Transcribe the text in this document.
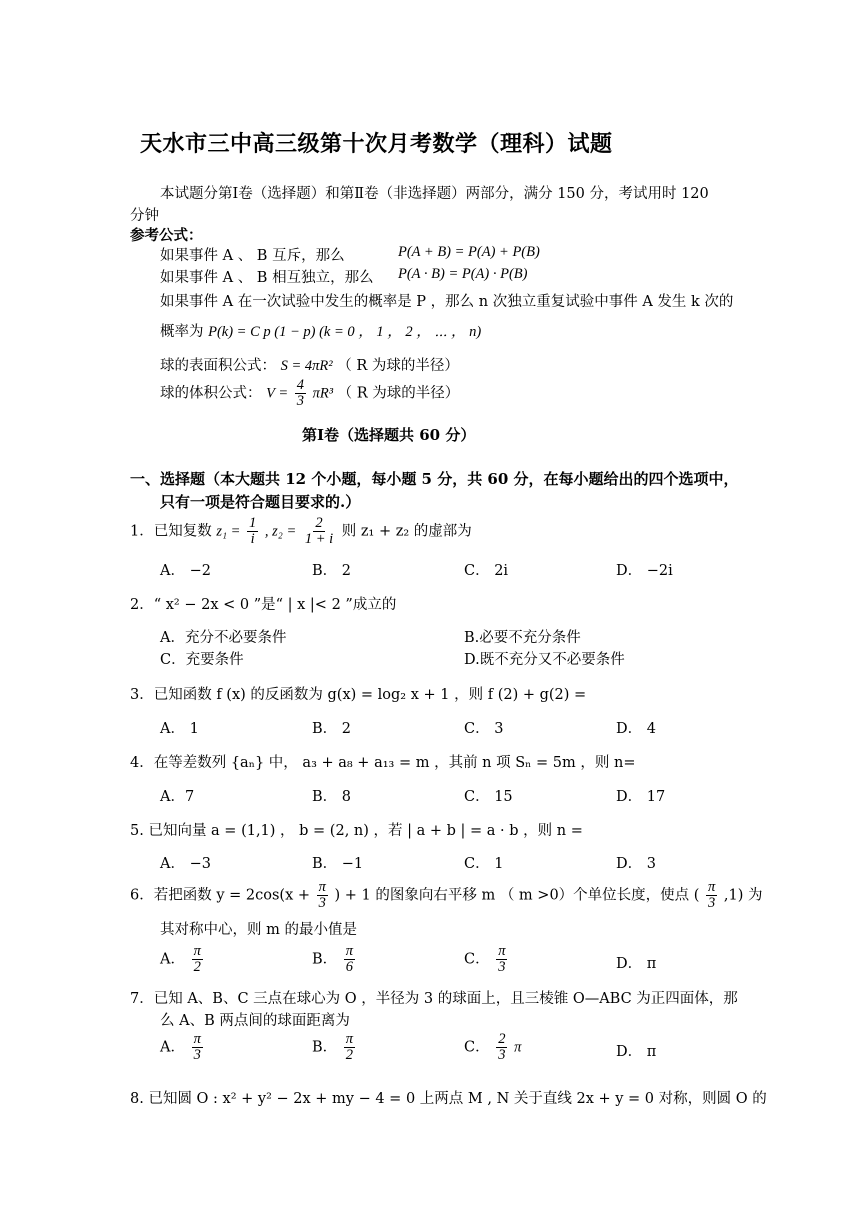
天水市三中高三级第十次月考数学（理科）试题
本试题分第Ⅰ卷（选择题）和第Ⅱ卷（非选择题）两部分，满分 150 分，考试用时 120
分钟
参考公式：
如果事件 A 、 B 互斥，那么	P(A + B) = P(A) + P(B)
如果事件 A 、 B 相互独立，那么 P(A · B) = P(A) · P(B)
如果事件 A 在一次试验中发生的概率是 P ，那么 n 次独立重复试验中事件 A 发生 k 次的
概率为 P(k) = C p (1 − p) (k = 0 ， 1 ， 2 ， ⋯ ， n)
球的表面积公式： S = 4πR² （ R 为球的半径）
球的体积公式： $V = \frac{4}{3} \pi R^3$ （ R 为球的半径）
第Ⅰ卷（选择题共 60 分）
一、选择题（本大题共 12 个小题，每小题 5 分，共 60 分，在每小题给出的四个选项中，
只有一项是符合题目要求的.）
1．已知复数 $z_1 = \frac{1}{i}$ , $z_2 = \frac{2}{1 + i}$ 则 z₁ + z₂ 的虚部为
A． −2	B． 2	C． 2i	D． −2i
2．“ x² − 2x < 0 ”是“ | x |< 2 ”成立的
A．充分不必要条件	B.必要不充分条件
C．充要条件	D.既不充分又不必要条件
3．已知函数 f (x) 的反函数为 g(x) = log₂ x + 1 ，则 f (2) + g(2) =
A． 1	B． 2	C． 3	D． 4
4．在等差数列 {aₙ} 中， a₃ + a₈ + a₁₃ = m ，其前 n 项 Sₙ = 5m ，则 n=
A．7	B． 8	C． 15	D． 17
5. 已知向量 a = (1,1) ， b = (2, n) ，若 | a + b | = a · b ，则 n =
A． −3	B． −1	C． 1	D． 3
6．若把函数 $y = 2\cos(x + \frac{\pi}{3}$ ) + 1 的图象向右平移 m （ m >0）个单位长度，使点 ( $\frac{\pi}{3} ,1$) 为
其对称中心，则 m 的最小值是
A． $\frac{\pi}{2}$	B． $\frac{\pi}{6}$	C． $\frac{\pi}{3}$	D． π
7．已知 A、B、C 三点在球心为 O ，半径为 3 的球面上，且三棱锥 O—ABC 为正四面体，那
么 A、B 两点间的球面距离为
A． $\frac{\pi}{3}$	B． $\frac{\pi}{2}$	C． $\frac{2}{3}$ π	D． π
8. 已知圆 O : x² + y² − 2x + my − 4 = 0 上两点 M , N 关于直线 2x + y = 0 对称，则圆 O 的
